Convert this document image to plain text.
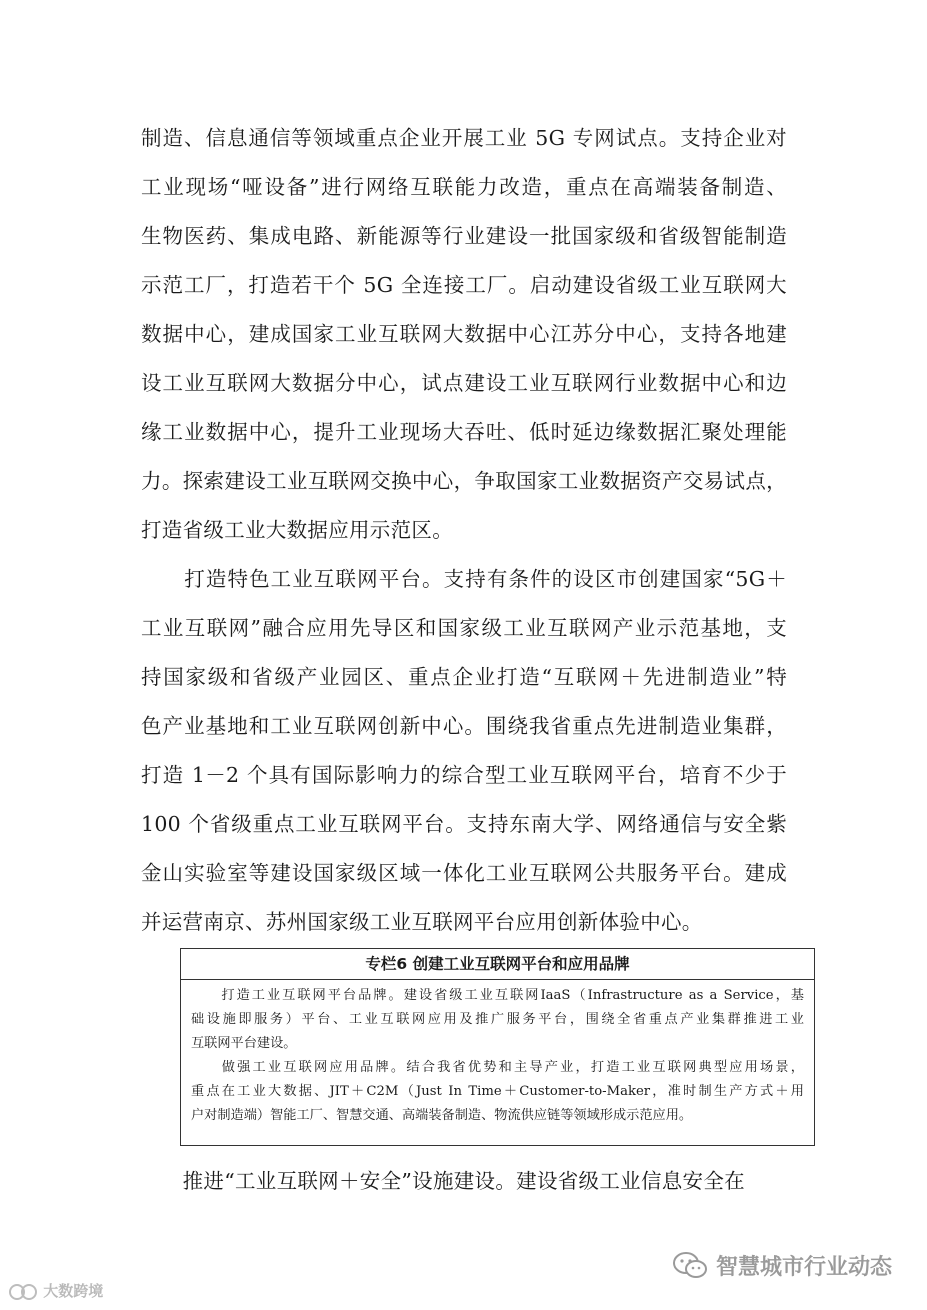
制造、信息通信等领域重点企业开展工业 5G 专网试点。支持企业对
工业现场“哑设备”进行网络互联能力改造，重点在高端装备制造、
生物医药、集成电路、新能源等行业建设一批国家级和省级智能制造
示范工厂，打造若干个 5G 全连接工厂。启动建设省级工业互联网大
数据中心，建成国家工业互联网大数据中心江苏分中心，支持各地建
设工业互联网大数据分中心，试点建设工业互联网行业数据中心和边
缘工业数据中心，提升工业现场大吞吐、低时延边缘数据汇聚处理能
力。探索建设工业互联网交换中心，争取国家工业数据资产交易试点，
打造省级工业大数据应用示范区。
　　打造特色工业互联网平台。支持有条件的设区市创建国家“5G＋
工业互联网”融合应用先导区和国家级工业互联网产业示范基地，支
持国家级和省级产业园区、重点企业打造“互联网＋先进制造业”特
色产业基地和工业互联网创新中心。围绕我省重点先进制造业集群，
打造 1－2 个具有国际影响力的综合型工业互联网平台，培育不少于
100 个省级重点工业互联网平台。支持东南大学、网络通信与安全紫
金山实验室等建设国家级区域一体化工业互联网公共服务平台。建成
并运营南京、苏州国家级工业互联网平台应用创新体验中心。
专栏6 创建工业互联网平台和应用品牌
　　打造工业互联网平台品牌。建设省级工业互联网IaaS（Infrastructure as a Service，基
础设施即服务）平台、工业互联网应用及推广服务平台，围绕全省重点产业集群推进工业
互联网平台建设。
　　做强工业互联网应用品牌。结合我省优势和主导产业，打造工业互联网典型应用场景，
重点在工业大数据、JIT＋C2M（Just In Time＋Customer-to-Maker，准时制生产方式＋用
户对制造端）智能工厂、智慧交通、高端装备制造、物流供应链等领域形成示范应用。
　　推进“工业互联网＋安全”设施建设。建设省级工业信息安全在
大数跨境
智慧城市行业动态
